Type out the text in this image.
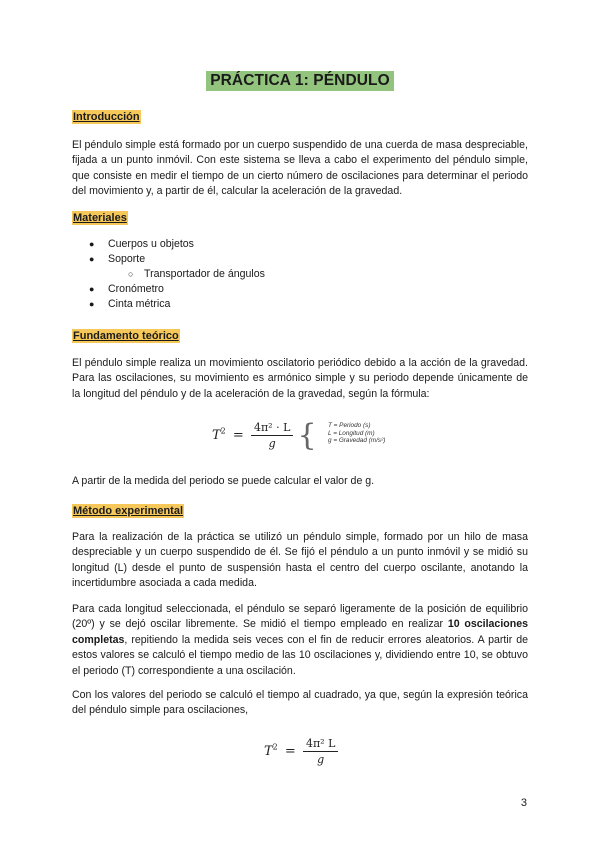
PRÁCTICA 1: PÉNDULO
Introducción

El péndulo simple está formado por un cuerpo suspendido de una cuerda de masa despreciable, fijada a un punto inmóvil. Con este sistema se lleva a cabo el experimento del péndulo simple, que consiste en medir el tiempo de un cierto número de oscilaciones para determinar el periodo del movimiento y, a partir de él, calcular la aceleración de la gravedad.

Materiales
● Cuerpos u objetos
● Soporte
○ Transportador de ángulos
● Cronómetro
● Cinta métrica
Fundamento teórico

El péndulo simple realiza un movimiento oscilatorio periódico debido a la acción de la gravedad. Para las oscilaciones, su movimiento es armónico simple y su periodo depende únicamente de la longitud del péndulo y de la aceleración de la gravedad, según la fórmula:

$T^2 = \frac{\text{4π² · L}}{g}$ { T = Periodo (s)
L = Longitud (m)
g = Gravedad (m/s²)

A partir de la medida del periodo se puede calcular el valor de g.

Método experimental

Para la realización de la práctica se utilizó un péndulo simple, formado por un hilo de masa despreciable y un cuerpo suspendido de él. Se fijó el péndulo a un punto inmóvil y se midió su longitud (L) desde el punto de suspensión hasta el centro del cuerpo oscilante, anotando la incertidumbre asociada a cada medida.

Para cada longitud seleccionada, el péndulo se separó ligeramente de la posición de equilibrio (20º) y se dejó oscilar libremente. Se midió el tiempo empleado en realizar 10 oscilaciones completas, repitiendo la medida seis veces con el fin de reducir errores aleatorios. A partir de estos valores se calculó el tiempo medio de las 10 oscilaciones y, dividiendo entre 10, se obtuvo el periodo (T) correspondiente a una oscilación.

Con los valores del periodo se calculó el tiempo al cuadrado, ya que, según la expresión teórica del péndulo simple para oscilaciones,

$T^2 = \frac{\text{4π² L}}{g}$
3
